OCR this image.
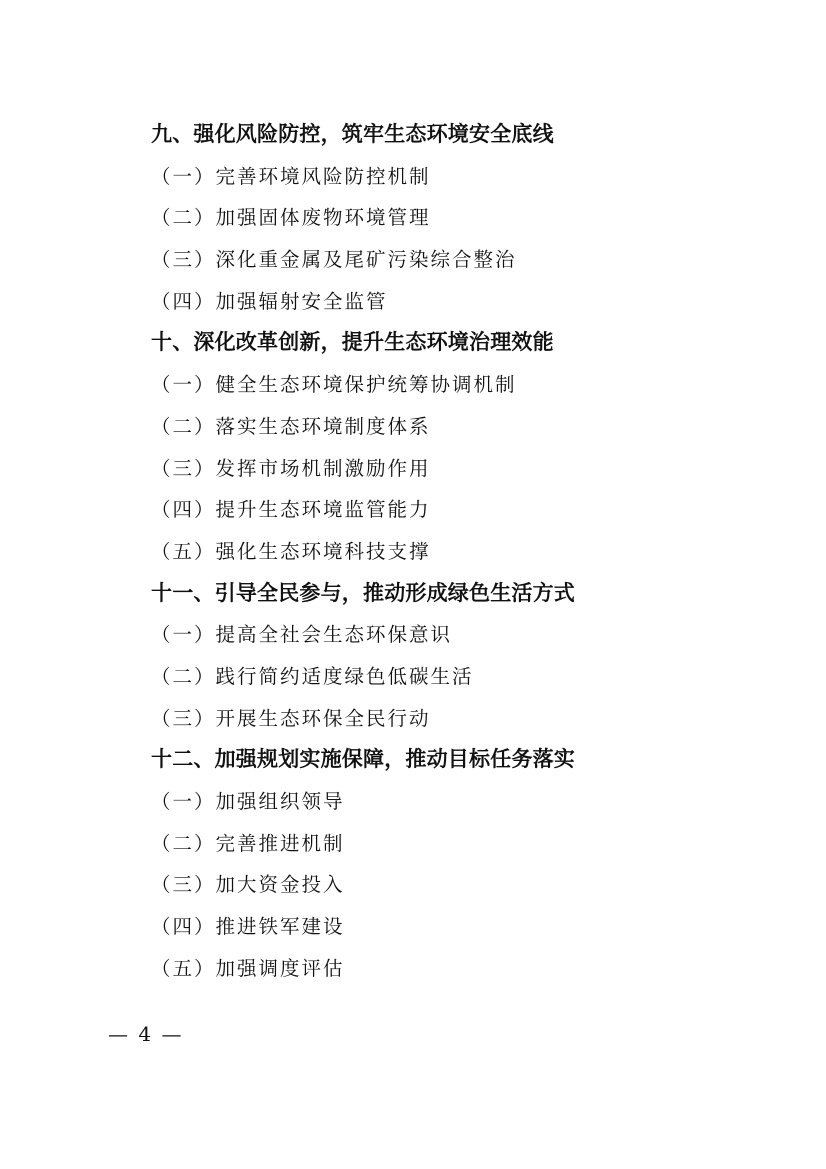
九、强化风险防控，筑牢生态环境安全底线
（一）完善环境风险防控机制
（二）加强固体废物环境管理
（三）深化重金属及尾矿污染综合整治
（四）加强辐射安全监管
十、深化改革创新，提升生态环境治理效能
（一）健全生态环境保护统筹协调机制
（二）落实生态环境制度体系
（三）发挥市场机制激励作用
（四）提升生态环境监管能力
（五）强化生态环境科技支撑
十一、引导全民参与，推动形成绿色生活方式
（一）提高全社会生态环保意识
（二）践行简约适度绿色低碳生活
（三）开展生态环保全民行动
十二、加强规划实施保障，推动目标任务落实
（一）加强组织领导
（二）完善推进机制
（三）加大资金投入
（四）推进铁军建设
（五）加强调度评估
— 4 —
